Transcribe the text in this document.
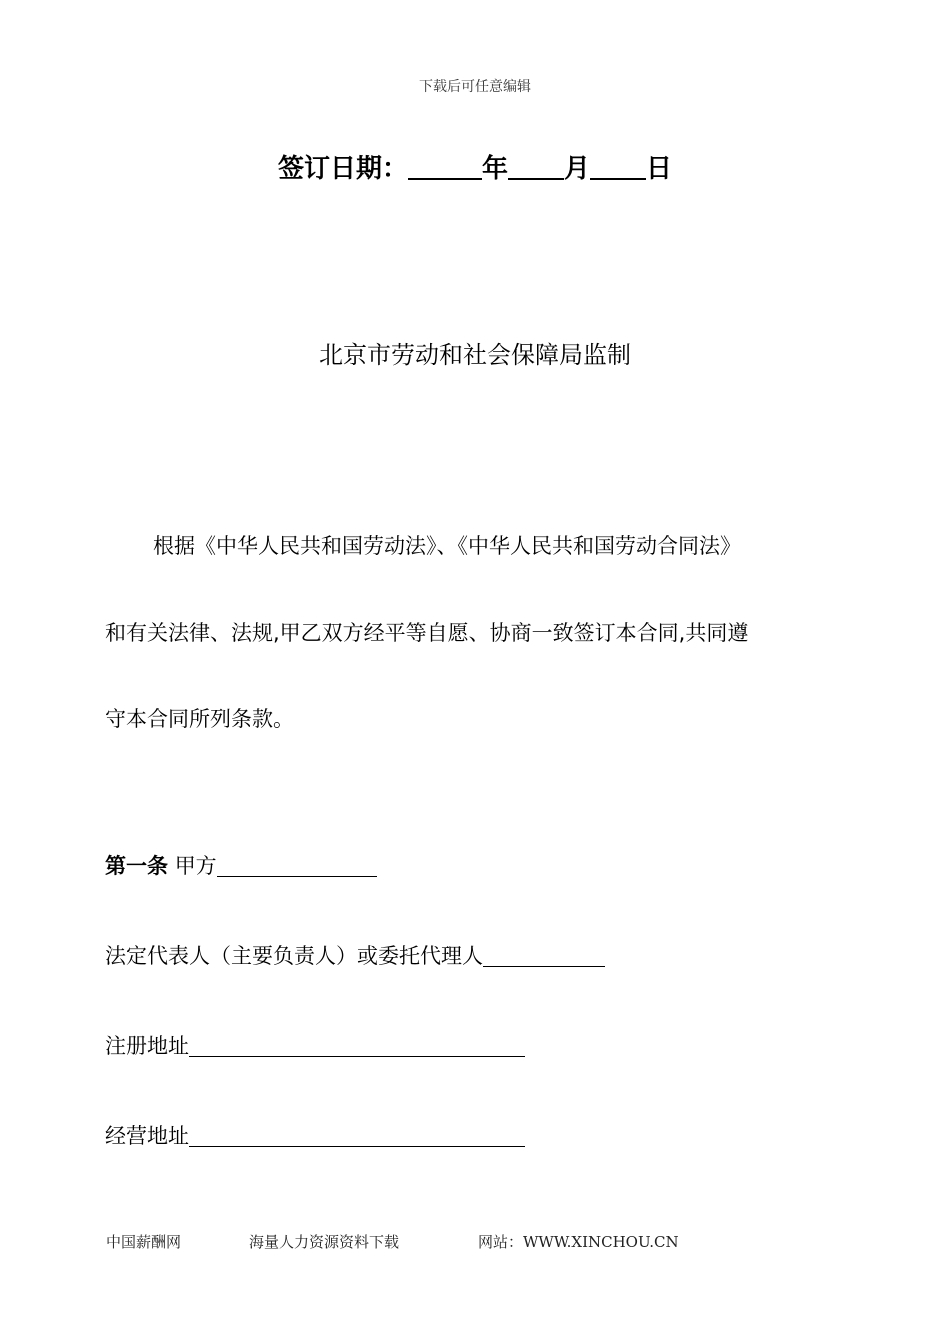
下载后可任意编辑
签订日期：	年 月 日
北京市劳动和社会保障局监制
根据《中华人民共和国劳动法》、《中华人民共和国劳动合同法》
和有关法律、法规,甲乙双方经平等自愿、协商一致签订本合同,共同遵
守本合同所列条款。
第一条 甲方
法定代表人（主要负责人）或委托代理人
注册地址
经营地址
中国薪酬网	海量人力资源资料下载	网站：WWW.XINCHOU.CN
